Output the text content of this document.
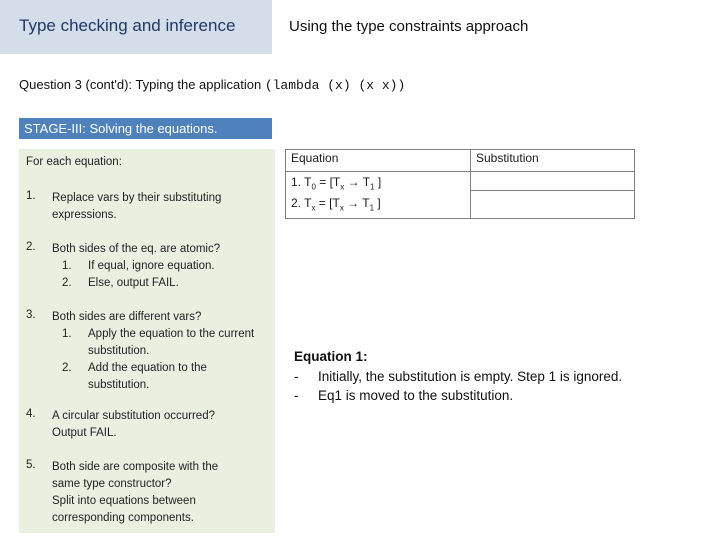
Type checking and inference	Using the type constraints approach
Question 3 (cont'd): Typing the application (lambda (x) (x x))
STAGE-III: Solving the equations.
For each equation:
1. Replace vars by their substituting
expressions.
2. Both sides of the eq. are atomic?
1. If equal, ignore equation.
2. Else, output FAIL.
3. Both sides are different vars?
1. Apply the equation to the current substitution.
2. Add the equation to the substitution.
4. A circular substitution occurred?
Output FAIL.
5. Both side are composite with the
same type constructor?
Split into equations between
corresponding components.
Equation	Substitution

1. $T_0 = [T_x \to T_1$ ]
2. $T_x = [T_x \to T_1$ ]	

Equation 1:
- Initially, the substitution is empty. Step 1 is ignored.
- Eq1 is moved to the substitution.
